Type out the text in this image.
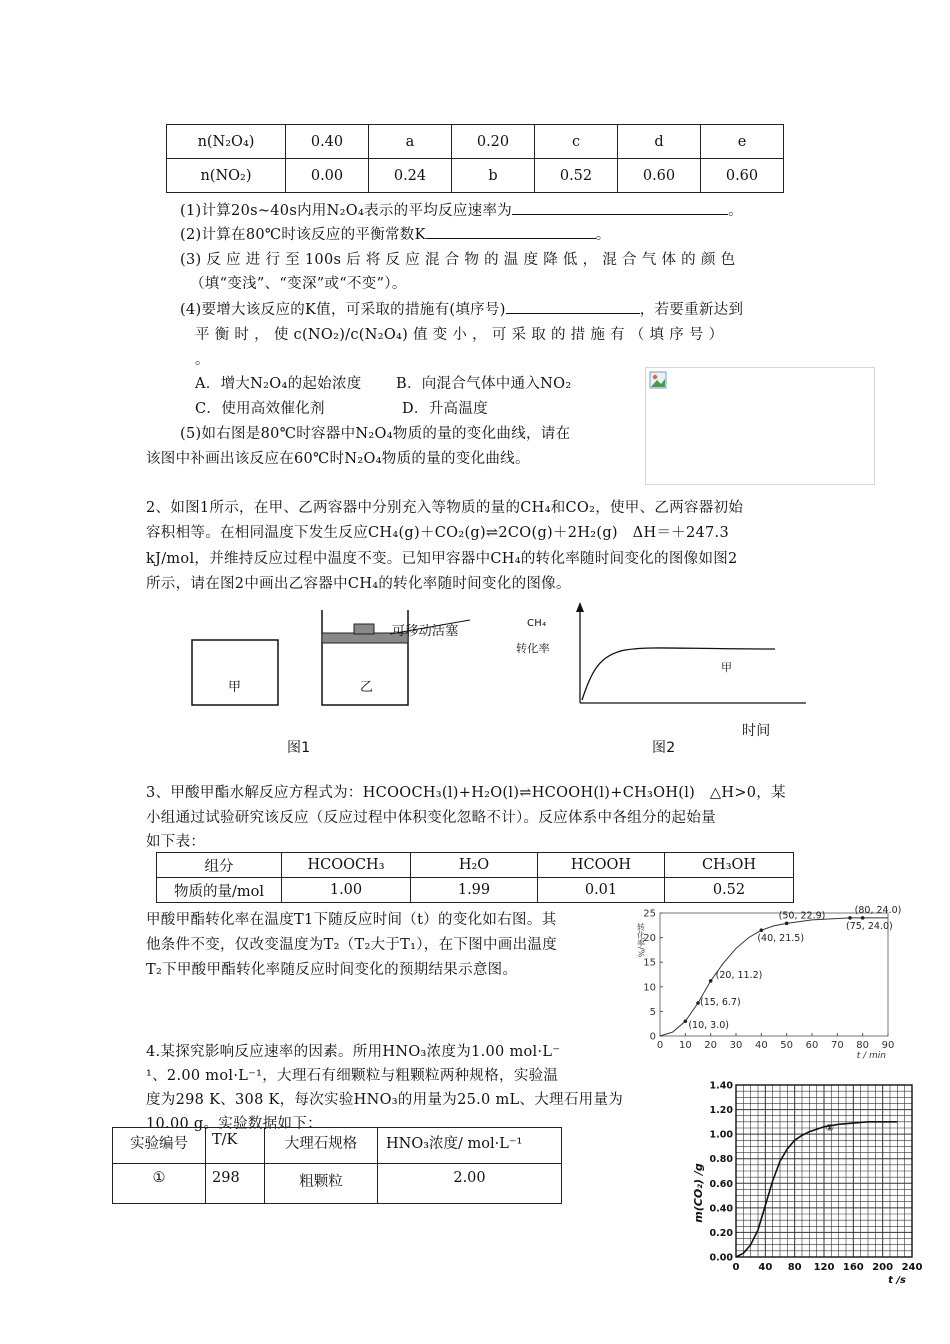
n(N₂O₄)	0.40	a	0.20	c	d	e
n(NO₂)	0.00	0.24	b	0.52	0.60	0.60
(1)计算20s~40s内用N₂O₄表示的平均反应速率为	。
(2)计算在80℃时该反应的平衡常数K	。
(3) 反 应 进 行 至 100s 后 将 反 应 混 合 物 的 温 度 降 低 ， 混 合 气 体 的 颜 色
（填“变浅”、“变深”或“不变”）。
(4)要增大该反应的K值，可采取的措施有(填序号)	，若要重新达到
平 衡 时 ， 使 c(NO₂)/c(N₂O₄) 值 变 小 ， 可 采 取 的 措 施 有 （ 填 序 号 ）
。
A．增大N₂O₄的起始浓度 B．向混合气体中通入NO₂
C．使用高效催化剂	D．升高温度
(5)如右图是80℃时容器中N₂O₄物质的量的变化曲线，请在
该图中补画出该反应在60℃时N₂O₄物质的量的变化曲线。
2、如图1所示，在甲、乙两容器中分别充入等物质的量的CH₄和CO₂，使甲、乙两容器初始
容积相等。在相同温度下发生反应CH₄(g)＋CO₂(g)⇌2CO(g)＋2H₂(g)　ΔH＝＋247.3
kJ/mol，并维持反应过程中温度不变。已知甲容器中CH₄的转化率随时间变化的图像如图2
所示，请在图2中画出乙容器中CH₄的转化率随时间变化的图像。
甲	乙
可移动活塞
图1
CH₄
转化率
甲
时间
图2
3、甲酸甲酯水解反应方程式为：HCOOCH₃(l)+H₂O(l)⇌HCOOH(l)+CH₃OH(l)　△H>0，某
小组通过试验研究该反应（反应过程中体积变化忽略不计）。反应体系中各组分的起始量
如下表：
组分	HCOOCH₃	H₂O	HCOOH	CH₃OH
物质的量/mol	1.00	1.99	0.01	0.52
甲酸甲酯转化率在温度T1下随反应时间（t）的变化如右图。其
他条件不变，仅改变温度为T₂（T₂大于T₁），在下图中画出温度
T₂下甲酸甲酯转化率随反应时间变化的预期结果示意图。
0 10 20 30 40 50 60 70 80 90
0
5
10
15
20
25
转化率/%
t / min
(10, 3.0)
(15, 6.7)
(20, 11.2)
(40, 21.5)
(50, 22.9)
(75, 24.0)
(80, 24.0)
4.某探究影响反应速率的因素。所用HNO₃浓度为1.00 mol·L⁻
¹、2.00 mol·L⁻¹，大理石有细颗粒与粗颗粒两种规格，实验温
度为298 K、308 K，每次实验HNO₃的用量为25.0 mL、大理石用量为
10.00 g。实验数据如下：
实验编号	T/K	大理石规格	HNO₃浓度/ mol·L⁻¹
①	298	粗颗粒	2.00
0 40 80 120 160 200 240
0.00
0.20
0.40
0.60
0.80
1.00
1.20
1.40
m(CO₂) /g
t /s
①
